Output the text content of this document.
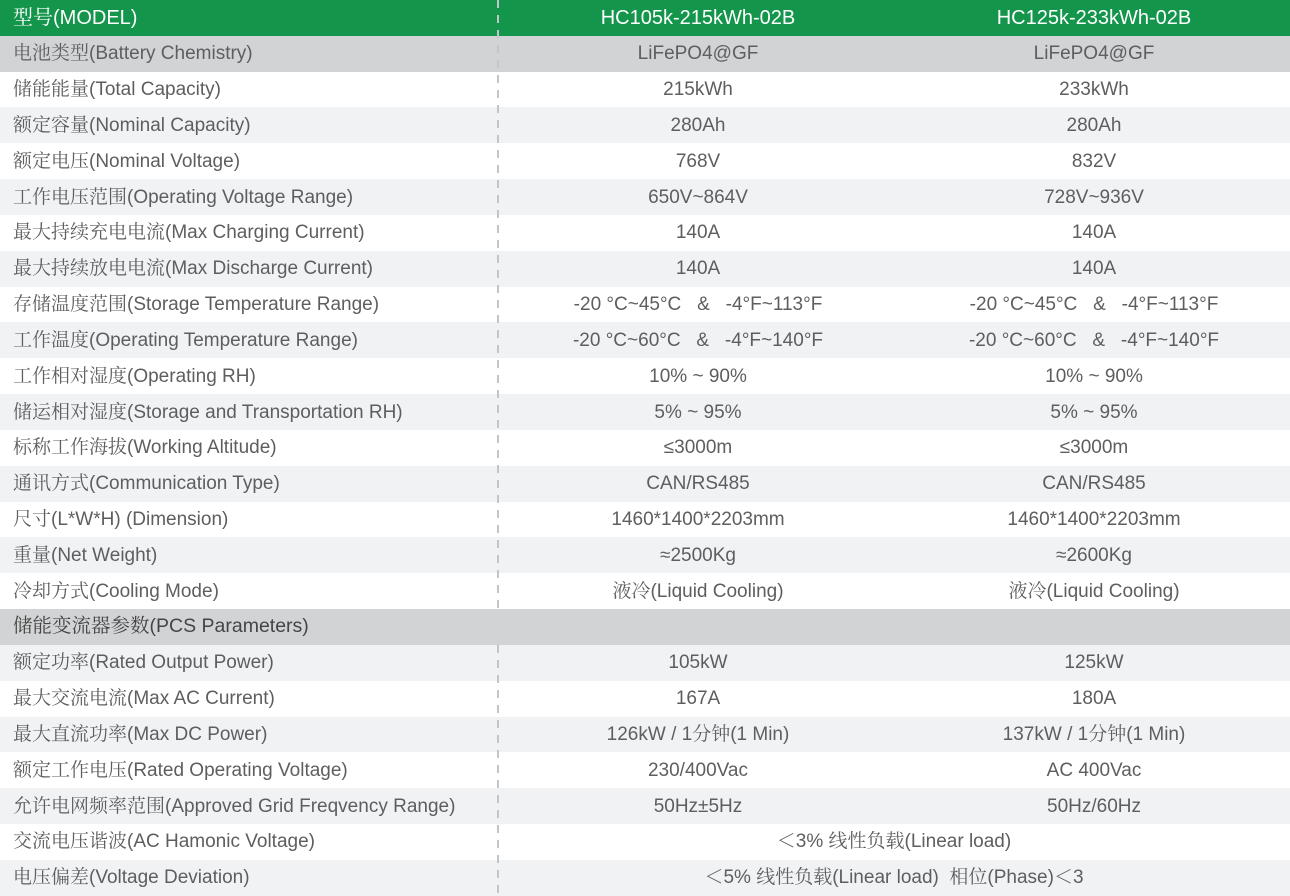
型号(MODEL)	HC105k-215kWh-02B	HC125k-233kWh-02B
电池类型(Battery Chemistry)	LiFePO4@GF	LiFePO4@GF
储能能量(Total Capacity)	215kWh	233kWh
额定容量(Nominal Capacity)	280Ah	280Ah
额定电压(Nominal Voltage)	768V	832V
工作电压范围(Operating Voltage Range)	650V~864V	728V~936V
最大持续充电电流(Max Charging Current)	140A	140A
最大持续放电电流(Max Discharge Current)	140A	140A
存储温度范围(Storage Temperature Range)	-20 °C~45°C   &   -4°F~113°F	-20 °C~45°C   &   -4°F~113°F
工作温度(Operating Temperature Range)	-20 °C~60°C   &   -4°F~140°F	-20 °C~60°C   &   -4°F~140°F
工作相对湿度(Operating RH)	10% ~ 90%	10% ~ 90%
储运相对湿度(Storage and Transportation RH)	5% ~ 95%	5% ~ 95%
标称工作海拔(Working Altitude)	≤3000m	≤3000m
通讯方式(Communication Type)	CAN/RS485	CAN/RS485
尺寸(L*W*H) (Dimension)	1460*1400*2203mm	1460*1400*2203mm
重量(Net Weight)	≈2500Kg	≈2600Kg
冷却方式(Cooling Mode)	液冷(Liquid Cooling)	液冷(Liquid Cooling)
储能变流器参数(PCS Parameters)
额定功率(Rated Output Power)	105kW	125kW
最大交流电流(Max AC Current)	167A	180A
最大直流功率(Max DC Power)	126kW / 1分钟(1 Min)	137kW / 1分钟(1 Min)
额定工作电压(Rated Operating Voltage)	230/400Vac	AC 400Vac
允许电网频率范围(Approved Grid Freqvency Range)	50Hz±5Hz	50Hz/60Hz
交流电压谐波(AC Hamonic Voltage)	＜3% 线性负载(Linear load)
电压偏差(Voltage Deviation)	＜5% 线性负载(Linear load)  相位(Phase)＜3
